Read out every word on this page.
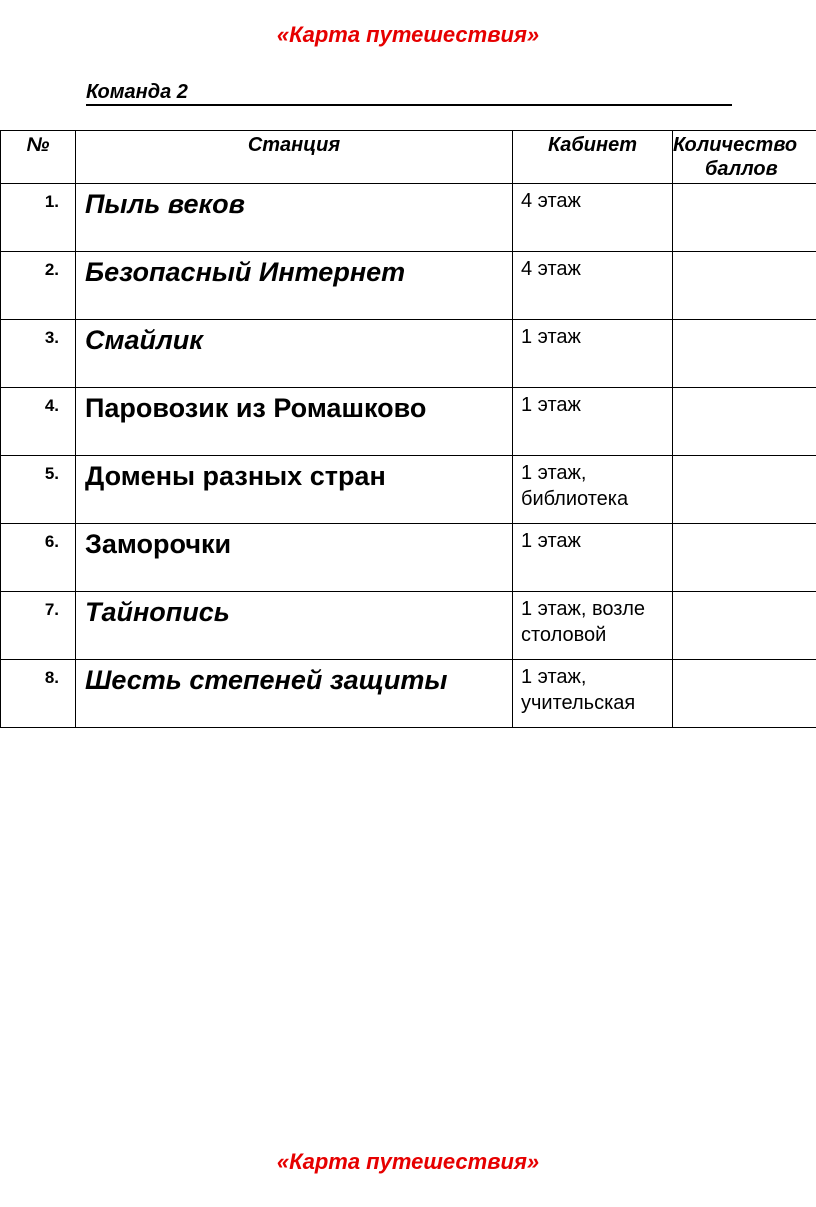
«Карта путешествия»
Команда 2
№	Станция	Кабинет	Количество
баллов

1.	Пыль веков	4 этаж	
2.	Безопасный Интернет	4 этаж	
3.	Смайлик	1 этаж	
4.	Паровозик из Ромашково	1 этаж	
5.	Домены разных стран	1 этаж, библиотека	
6.	Заморочки	1 этаж	
7.	Тайнопись	1 этаж, возле столовой	
8.	Шесть степеней защиты	1 этаж, учительская	
«Карта путешествия»
